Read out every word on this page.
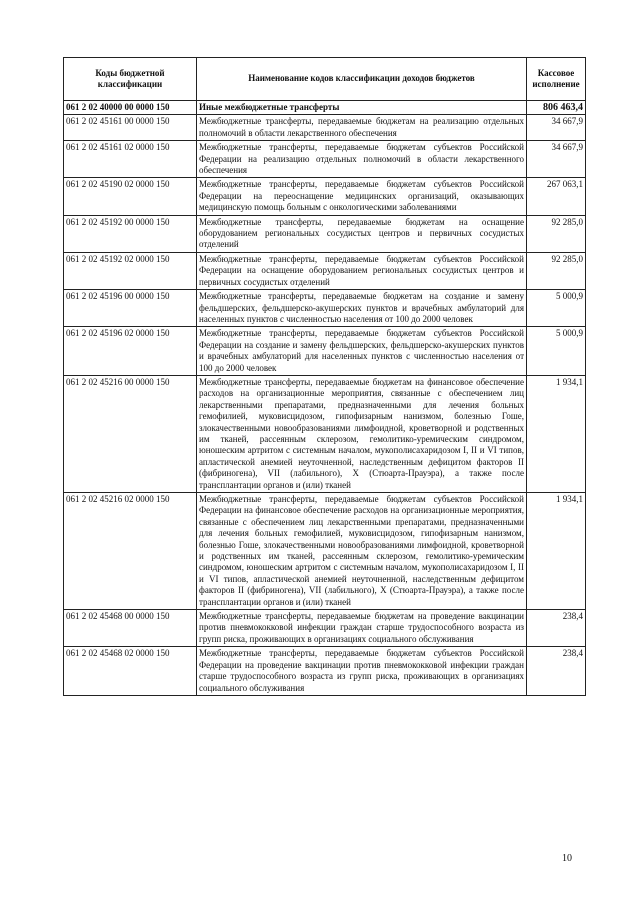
Коды бюджетной классификации	Наименование кодов классификации доходов бюджетов	Кассовое исполнение
061 2 02 40000 00 0000 150	Иные межбюджетные трансферты	806 463,4
061 2 02 45161 00 0000 150	Межбюджетные трансферты, передаваемые бюджетам на реализацию отдельных полномочий в области лекарственного обеспечения	34 667,9
061 2 02 45161 02 0000 150	Межбюджетные трансферты, передаваемые бюджетам субъектов Российской Федерации на реализацию отдельных полномочий в области лекарственного обеспечения	34 667,9
061 2 02 45190 02 0000 150	Межбюджетные трансферты, передаваемые бюджетам субъектов Российской Федерации на переоснащение медицинских организаций, оказывающих медицинскую помощь больным с онкологическими заболеваниями	267 063,1
061 2 02 45192 00 0000 150	Межбюджетные трансферты, передаваемые бюджетам на оснащение оборудованием региональных сосудистых центров и первичных сосудистых отделений	92 285,0
061 2 02 45192 02 0000 150	Межбюджетные трансферты, передаваемые бюджетам субъектов Российской Федерации на оснащение оборудованием региональных сосудистых центров и первичных сосудистых отделений	92 285,0
061 2 02 45196 00 0000 150	Межбюджетные трансферты, передаваемые бюджетам на создание и замену фельдшерских, фельдшерско-акушерских пунктов и врачебных амбулаторий для населенных пунктов с численностью населения от 100 до 2000 человек	5 000,9
061 2 02 45196 02 0000 150	Межбюджетные трансферты, передаваемые бюджетам субъектов Российской Федерации на создание и замену фельдшерских, фельдшерско-акушерских пунктов и врачебных амбулаторий для населенных пунктов с численностью населения от 100 до 2000 человек	5 000,9
061 2 02 45216 00 0000 150	Межбюджетные трансферты, передаваемые бюджетам на финансовое обеспечение расходов на организационные мероприятия, связанные с обеспечением лиц лекарственными препаратами, предназначенными для лечения больных гемофилией, муковисцидозом, гипофизарным нанизмом, болезнью Гоше, злокачественными новообразованиями лимфоидной, кроветворной и родственных им тканей, рассеянным склерозом, гемолитико-уремическим синдромом, юношеским артритом с системным началом, мукополисахаридозом I, II и VI типов, апластической анемией неуточненной, наследственным дефицитом факторов II (фибриногена), VII (лабильного), X (Стюарта-Прауэра), а также после трансплантации органов и (или) тканей	1 934,1
061 2 02 45216 02 0000 150	Межбюджетные трансферты, передаваемые бюджетам субъектов Российской Федерации на финансовое обеспечение расходов на организационные мероприятия, связанные с обеспечением лиц лекарственными препаратами, предназначенными для лечения больных гемофилией, муковисцидозом, гипофизарным нанизмом, болезнью Гоше, злокачественными новообразованиями лимфоидной, кроветворной и родственных им тканей, рассеянным склерозом, гемолитико-уремическим синдромом, юношеским артритом с системным началом, мукополисахаридозом I, II и VI типов, апластической анемией неуточненной, наследственным дефицитом факторов II (фибриногена), VII (лабильного), X (Стюарта-Прауэра), а также после трансплантации органов и (или) тканей	1 934,1
061 2 02 45468 00 0000 150	Межбюджетные трансферты, передаваемые бюджетам на проведение вакцинации против пневмококковой инфекции граждан старше трудоспособного возраста из групп риска, проживающих в организациях социального обслуживания	238,4
061 2 02 45468 02 0000 150	Межбюджетные трансферты, передаваемые бюджетам субъектов Российской Федерации на проведение вакцинации против пневмококковой инфекции граждан старше трудоспособного возраста из групп риска, проживающих в организациях социального обслуживания	238,4
10
